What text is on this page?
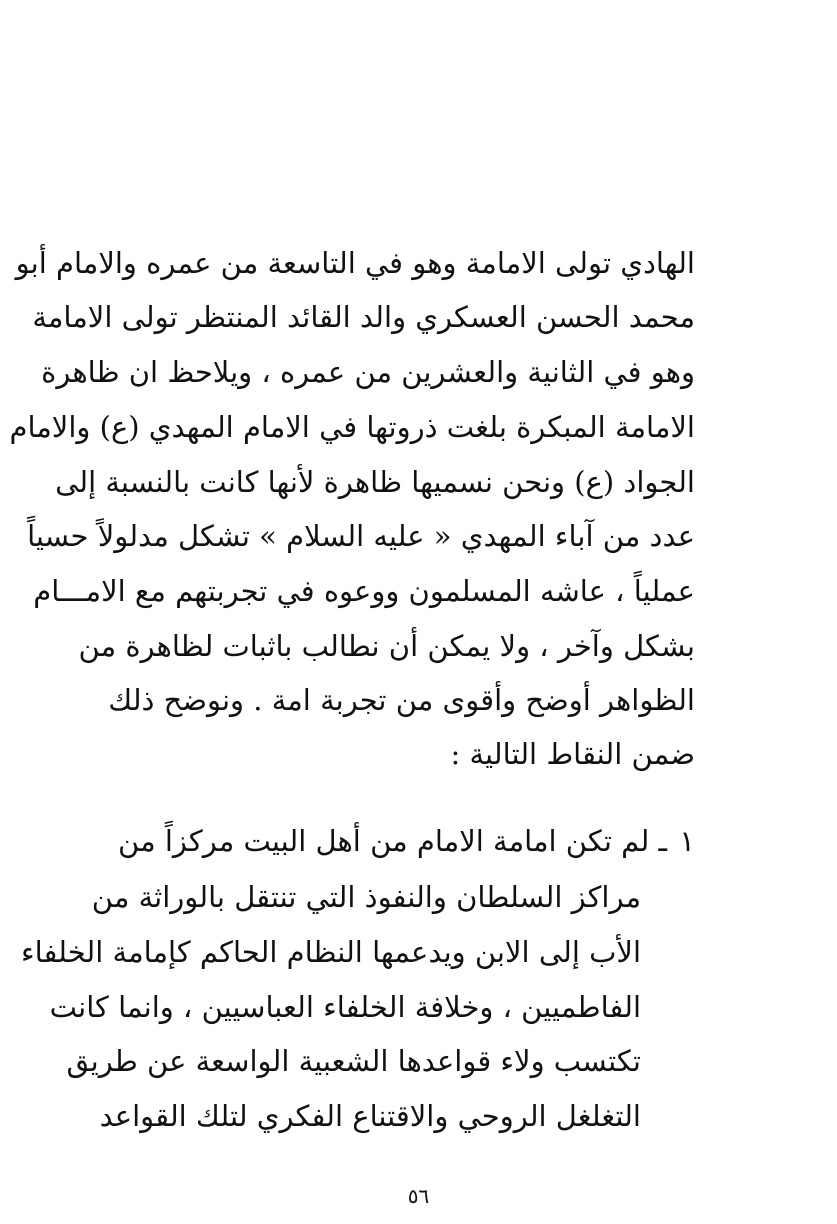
الهادي تولى الامامة وهو في التاسعة من عمره والامام أبو
محمد الحسن العسكري والد القائد المنتظر تولى الامامة
وهو في الثانية والعشرين من عمره ، ويلاحظ ان ظاهرة
الامامة المبكرة بلغت ذروتها في الامام المهدي (ع) والامام
الجواد (ع) ونحن نسميها ظاهرة لأنها كانت بالنسبة إلى
عدد من آباء المهدي « عليه السلام » تشكل مدلولاً حسياً
عملياً ، عاشه المسلمون ووعوه في تجربتهم مع الامـــام
بشكل وآخر ، ولا يمكن أن نطالب باثبات لظاهرة من
الظواهر أوضح وأقوى من تجربة امة . ونوضح ذلك
ضمن النقاط التالية :
١
ـ لم تكن امامة الامام من أهل البيت مركزاً من
مراكز السلطان والنفوذ التي تنتقل بالوراثة من
الأب إلى الابن ويدعمها النظام الحاكم كإمامة الخلفاء
الفاطميين ، وخلافة الخلفاء العباسيين ، وانما كانت
تكتسب ولاء قواعدها الشعبية الواسعة عن طريق
التغلغل الروحي والاقتناع الفكري لتلك القواعد
٥٦
